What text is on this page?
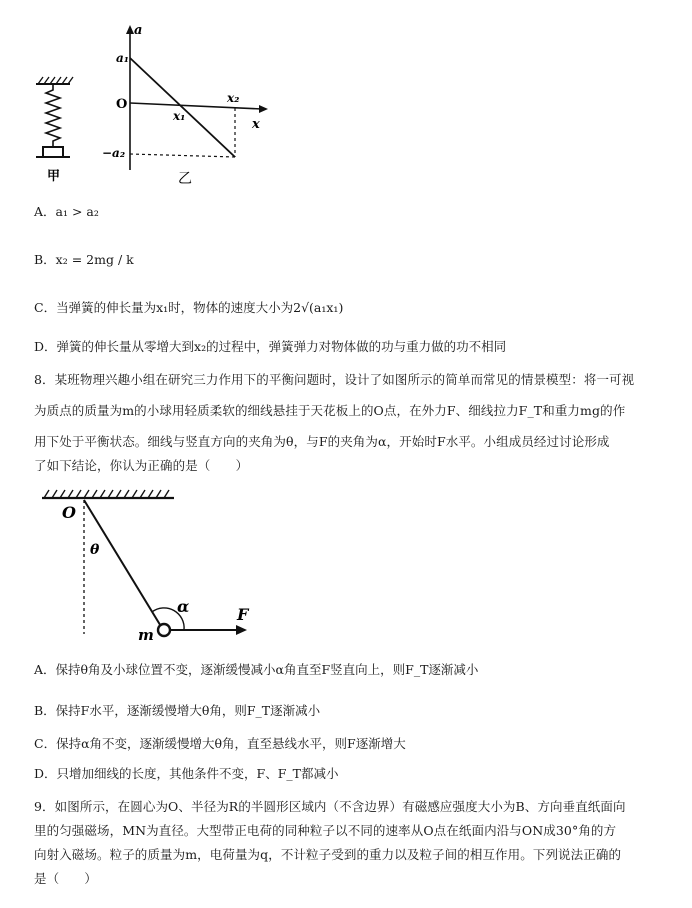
甲
a
a₁
O
−a₂
x₁
x₂
x
乙
A．a₁ > a₂
B．x₂ = 2mg / k
C．当弹簧的伸长量为x₁时，物体的速度大小为2√(a₁x₁)
D．弹簧的伸长量从零增大到x₂的过程中，弹簧弹力对物体做的功与重力做的功不相同
8．某班物理兴趣小组在研究三力作用下的平衡问题时，设计了如图所示的简单而常见的情景模型：将一可视
为质点的质量为m的小球用轻质柔软的细线悬挂于天花板上的O点，在外力F、细线拉力F_T和重力mg的作
用下处于平衡状态。细线与竖直方向的夹角为θ，与F的夹角为α，开始时F水平。小组成员经过讨论形成
了如下结论，你认为正确的是（　　）
O
θ
α	F
m
A．保持θ角及小球位置不变，逐渐缓慢减小α角直至F竖直向上，则F_T逐渐减小
B．保持F水平，逐渐缓慢增大θ角，则F_T逐渐减小
C．保持α角不变，逐渐缓慢增大θ角，直至悬线水平，则F逐渐增大
D．只增加细线的长度，其他条件不变，F、F_T都减小
9．如图所示，在圆心为O、半径为R的半圆形区域内（不含边界）有磁感应强度大小为B、方向垂直纸面向
里的匀强磁场，MN为直径。大型带正电荷的同种粒子以不同的速率从O点在纸面内沿与ON成30°角的方
向射入磁场。粒子的质量为m，电荷量为q，不计粒子受到的重力以及粒子间的相互作用。下列说法正确的
是（　　）
